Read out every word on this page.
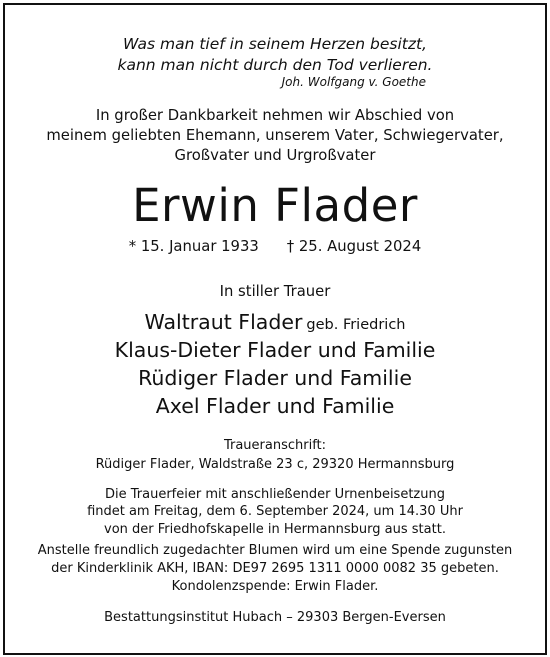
Was man tief in seinem Herzen besitzt,
kann man nicht durch den Tod verlieren.
Joh. Wolfgang v. Goethe
In großer Dankbarkeit nehmen wir Abschied von
meinem geliebten Ehemann, unserem Vater, Schwiegervater,
Großvater und Urgroßvater
Erwin Flader
* 15. Januar 1933 † 25. August 2024
In stiller Trauer
Waltraut Flader geb. Friedrich
Klaus-Dieter Flader und Familie
Rüdiger Flader und Familie
Axel Flader und Familie
Traueranschrift:
Rüdiger Flader, Waldstraße 23 c, 29320 Hermannsburg
Die Trauerfeier mit anschließender Urnenbeisetzung
findet am Freitag, dem 6. September 2024, um 14.30 Uhr
von der Friedhofskapelle in Hermannsburg aus statt.
Anstelle freundlich zugedachter Blumen wird um eine Spende zugunsten
der Kinderklinik AKH, IBAN: DE97 2695 1311 0000 0082 35 gebeten.
Kondolenzspende: Erwin Flader.
Bestattungsinstitut Hubach – 29303 Bergen-Eversen
